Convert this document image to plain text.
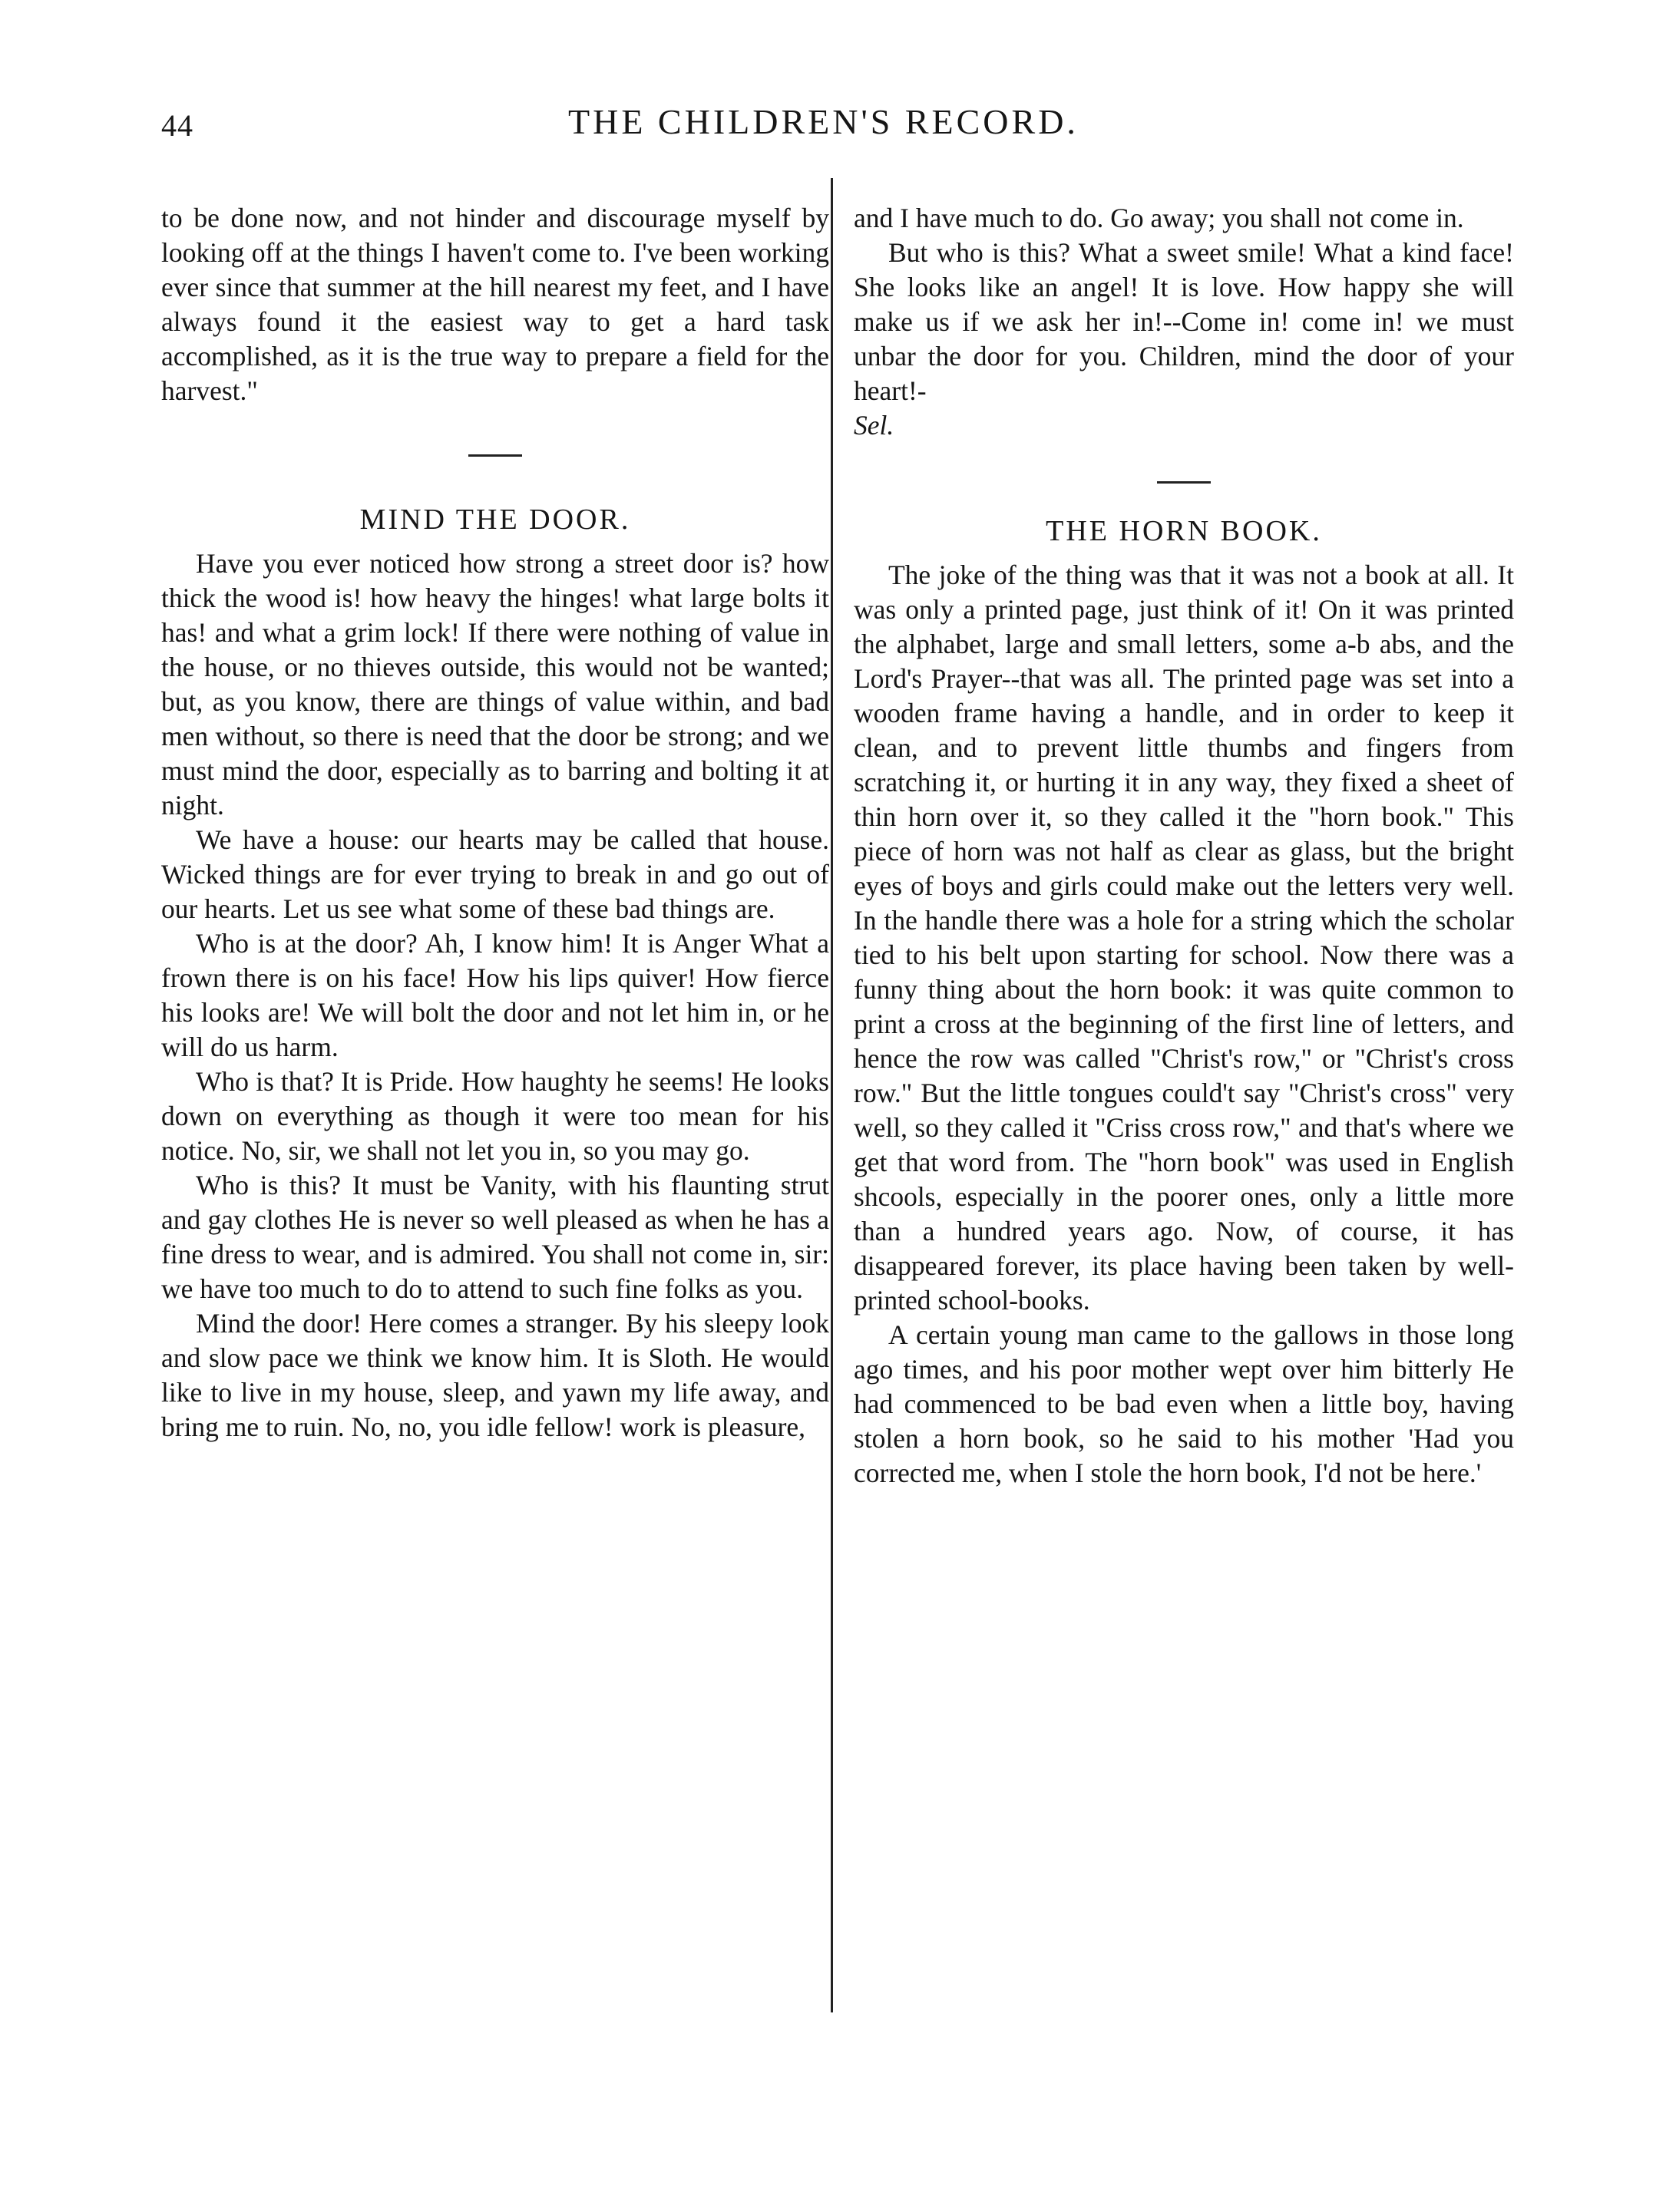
44	THE CHILDREN'S RECORD.

to be done now, and not hinder and discourage myself by looking off at the things I haven't come to. I've been working ever since that summer at the hill nearest my feet, and I have always found it the easiest way to get a hard task accomplished, as it is the true way to prepare a field for the harvest."

MIND THE DOOR.

Have you ever noticed how strong a street door is? how thick the wood is! how heavy the hinges! what large bolts it has! and what a grim lock! If there were nothing of value in the house, or no thieves outside, this would not be wanted; but, as you know, there are things of value within, and bad men without, so there is need that the door be strong; and we must mind the door, especially as to barring and bolting it at night.

We have a house: our hearts may be called that house. Wicked things are for ever trying to break in and go out of our hearts. Let us see what some of these bad things are.

Who is at the door? Ah, I know him! It is Anger What a frown there is on his face! How his lips quiver! How fierce his looks are! We will bolt the door and not let him in, or he will do us harm.

Who is that? It is Pride. How haughty he seems! He looks down on everything as though it were too mean for his notice. No, sir, we shall not let you in, so you may go.

Who is this? It must be Vanity, with his flaunting strut and gay clothes He is never so well pleased as when he has a fine dress to wear, and is admired. You shall not come in, sir: we have too much to do to attend to such fine folks as you.

Mind the door! Here comes a stranger. By his sleepy look and slow pace we think we know him. It is Sloth. He would like to live in my house, sleep, and yawn my life away, and bring me to ruin. No, no, you idle fellow! work is pleasure,

and I have much to do. Go away; you shall not come in.

But who is this? What a sweet smile! What a kind face! She looks like an angel! It is love. How happy she will make us if we ask her in!--Come in! come in! we must unbar the door for you. Children, mind the door of your heart!-

Sel.

THE HORN BOOK.

The joke of the thing was that it was not a book at all. It was only a printed page, just think of it! On it was printed the alphabet, large and small letters, some a-b abs, and the Lord's Prayer--that was all. The printed page was set into a wooden frame having a handle, and in order to keep it clean, and to prevent little thumbs and fingers from scratching it, or hurting it in any way, they fixed a sheet of thin horn over it, so they called it the "horn book." This piece of horn was not half as clear as glass, but the bright eyes of boys and girls could make out the letters very well. In the handle there was a hole for a string which the scholar tied to his belt upon starting for school. Now there was a funny thing about the horn book: it was quite common to print a cross at the beginning of the first line of letters, and hence the row was called "Christ's row," or "Christ's cross row." But the little tongues could't say "Christ's cross" very well, so they called it "Criss cross row," and that's where we get that word from. The "horn book" was used in English shcools, especially in the poorer ones, only a little more than a hundred years ago. Now, of course, it has disappeared forever, its place having been taken by well-printed school-books.

A certain young man came to the gallows in those long ago times, and his poor mother wept over him bitterly He had commenced to be bad even when a little boy, having stolen a horn book, so he said to his mother 'Had you corrected me, when I stole the horn book, I'd not be here.'
